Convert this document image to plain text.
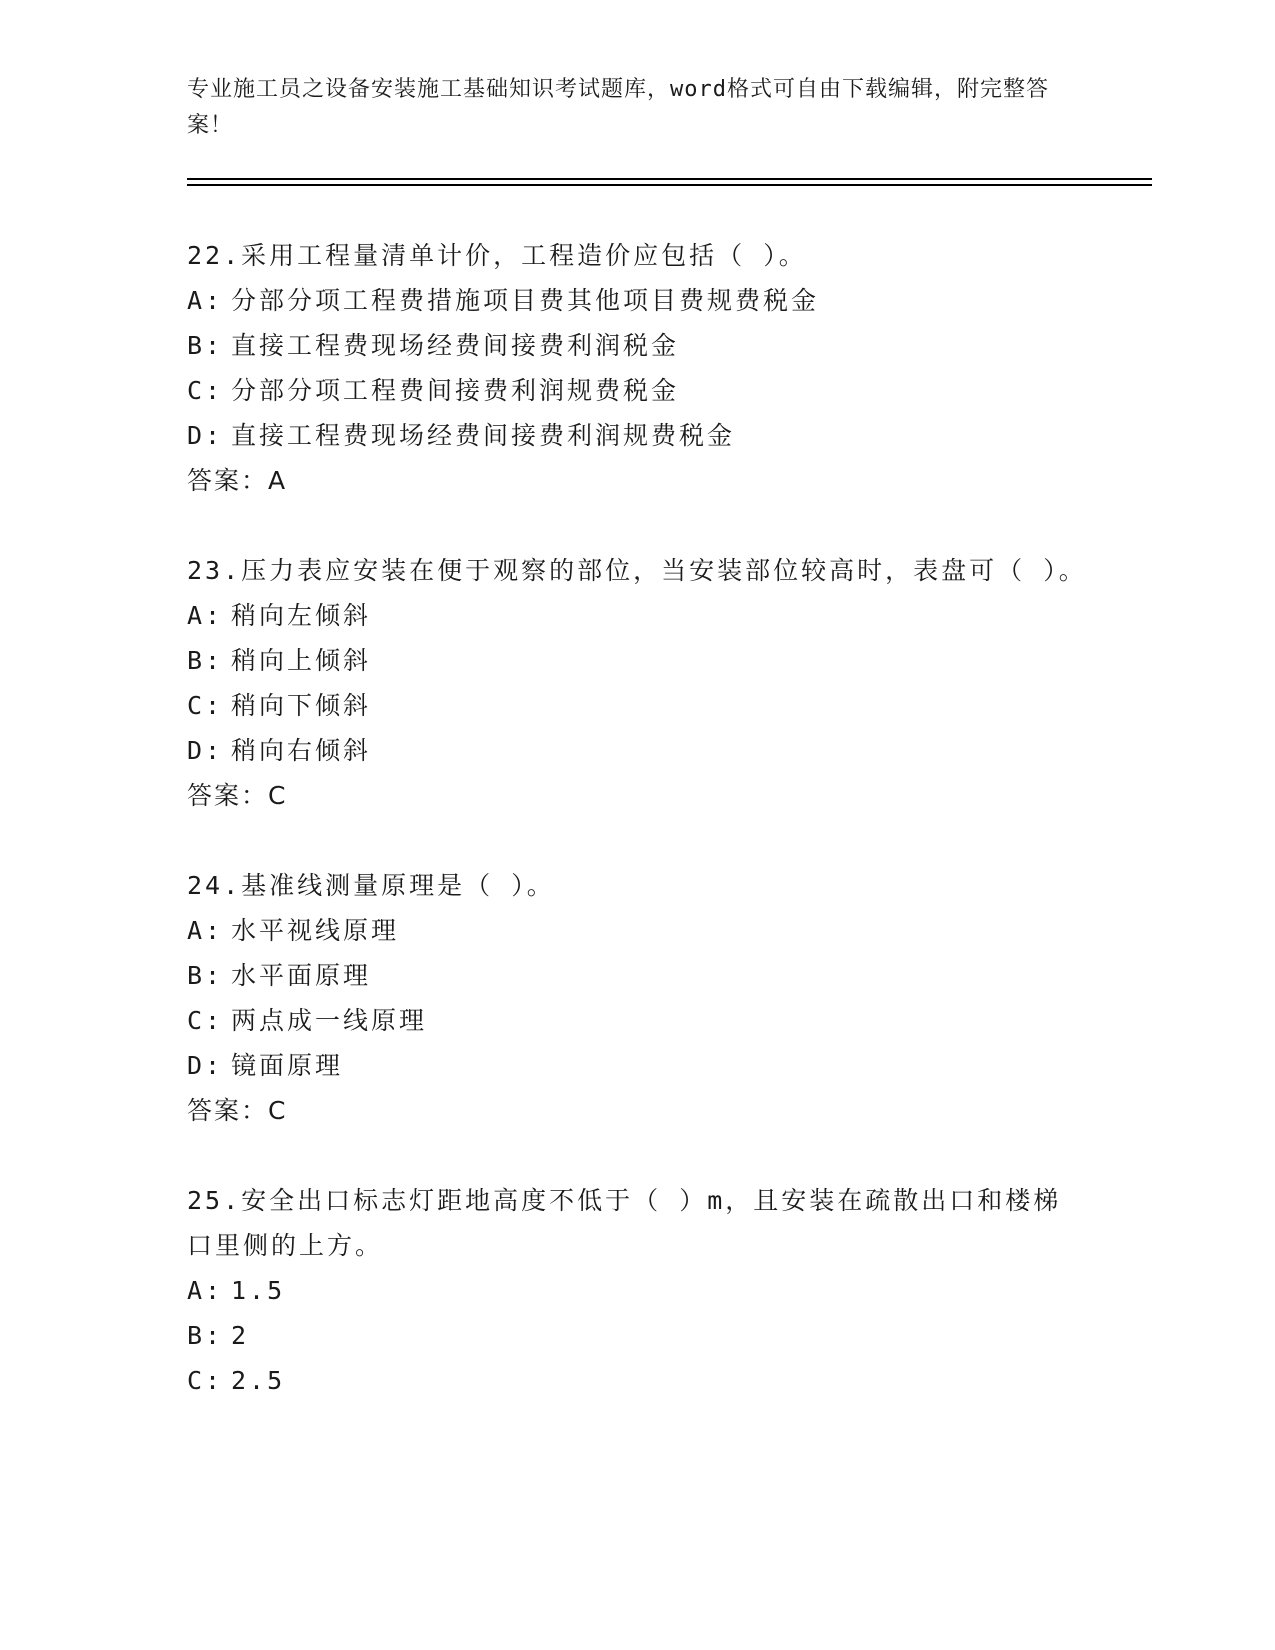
专业施工员之设备安装施工基础知识考试题库，word格式可自由下载编辑，附完整答案！
22.采用工程量清单计价，工程造价应包括（ ）。
A: 分部分项工程费措施项目费其他项目费规费税金
B: 直接工程费现场经费间接费利润税金
C: 分部分项工程费间接费利润规费税金
D: 直接工程费现场经费间接费利润规费税金
答案：A
23.压力表应安装在便于观察的部位，当安装部位较高时，表盘可（ ）。
A: 稍向左倾斜
B: 稍向上倾斜
C: 稍向下倾斜
D: 稍向右倾斜
答案：C
24.基准线测量原理是（ ）。
A: 水平视线原理
B: 水平面原理
C: 两点成一线原理
D: 镜面原理
答案：C
25.安全出口标志灯距地高度不低于（ ）m，且安装在疏散出口和楼梯口里侧的上方。
A: 1.5
B: 2
C: 2.5
